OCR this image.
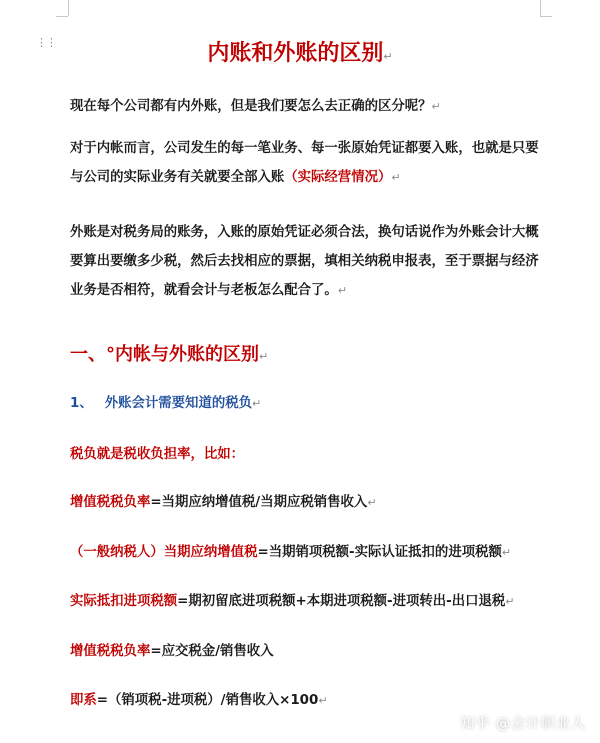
⋮⋮	内账和外账的区别↵
现在每个公司都有内外账，但是我们要怎么去正确的区分呢？↵
对于内帐而言，公司发生的每一笔业务、每一张原始凭证都要入账，也就是只要与公司的实际业务有关就要全部入账（实际经营情况）↵
外账是对税务局的账务，入账的原始凭证必须合法，换句话说作为外账会计大概要算出要缴多少税，然后去找相应的票据，填相关纳税申报表，至于票据与经济业务是否相符，就看会计与老板怎么配合了。↵
一、°内帐与外账的区别↵
1、 外账会计需要知道的税负↵
税负就是税收负担率，比如：
增值税税负率=当期应纳增值税/当期应税销售收入↵
（一般纳税人）当期应纳增值税=当期销项税额-实际认证抵扣的进项税额↵
实际抵扣进项税额=期初留底进项税额+本期进项税额-进项转出-出口退税↵
增值税税负率=应交税金/销售收入
即系=（销项税-进项税）/销售收入×100↵
知乎 @会计职业人
